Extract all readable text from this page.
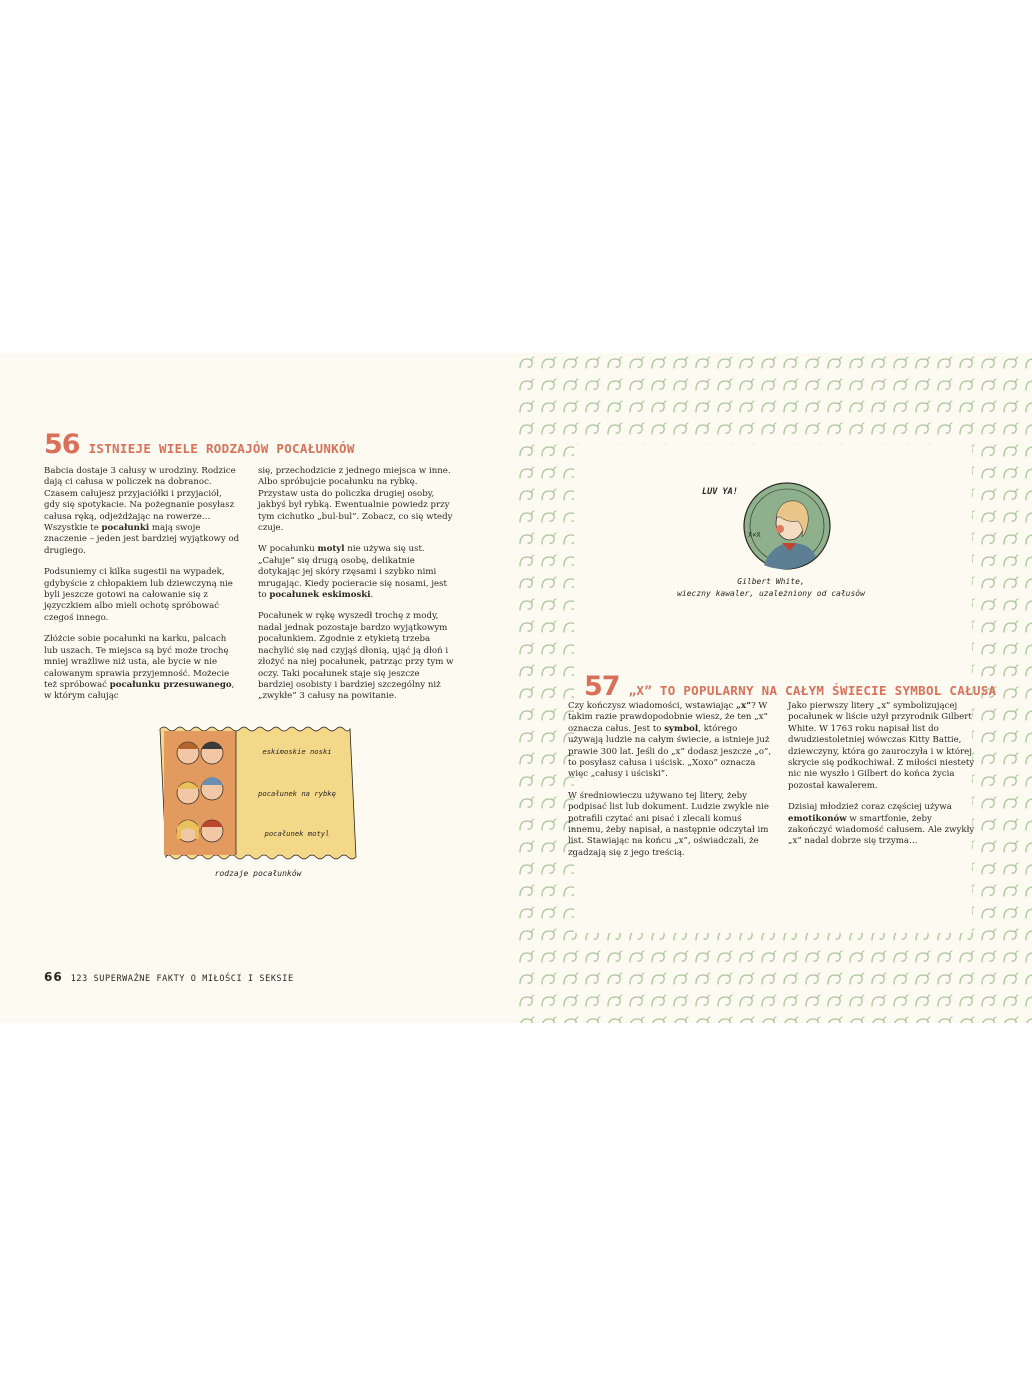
56 ISTNIEJE WIELE RODZAJÓW POCAŁUNKÓW

Babcia dostaje 3 całusy w urodziny. Rodzice dają ci całusa w policzek na dobranoc. Czasem całujesz przyjaciółki i przyjaciół, gdy się spotykacie. Na pożegnanie posyłasz całusa ręką, odjeżdżając na rowerze… Wszystkie te pocałunki mają swoje znaczenie – jeden jest bardziej wyjątkowy od drugiego.

Podsuniemy ci kilka sugestii na wypadek, gdybyście z chłopakiem lub dziewczyną nie byli jeszcze gotowi na całowanie się z języczkiem albo mieli ochotę spróbować czegoś innego.

Złóżcie sobie pocałunki na karku, palcach lub uszach. Te miejsca są być może trochę mniej wrażliwe niż usta, ale bycie w nie całowanym sprawia przyjemność. Możecie też spróbować pocałunku przesuwanego, w którym całując

się, przechodzicie z jednego miejsca w inne. Albo spróbujcie pocałunku na rybkę. Przystaw usta do policzka drugiej osoby, jakbyś był rybką. Ewentualnie powiedz przy tym cichutko „bul-bul”. Zobacz, co się wtedy czuje.

W pocałunku motyl nie używa się ust. „Całuje” się drugą osobę, delikatnie dotykając jej skóry rzęsami i szybko nimi mrugając. Kiedy pocieracie się nosami, jest to pocałunek eskimoski.

Pocałunek w rękę wyszedł trochę z mody, nadal jednak pozostaje bardzo wyjątkowym pocałunkiem. Zgodnie z etykietą trzeba nachylić się nad czyjąś dłonią, ująć ją dłoń i złożyć na niej pocałunek, patrząc przy tym w oczy. Taki pocałunek staje się jeszcze bardziej osobisty i bardziej szczególny niż „zwykłe” 3 całusy na powitanie.

eskimoskie noski
pocałunek na rybkę
pocałunek motyl
rodzaje pocałunków
66 123 SUPERWAŻNE FAKTY O MIŁOŚCI I SEKSIE
LUV YA!
X×X
Gilbert White,
wieczny kawaler, uzależniony od całusów
57 „X” TO POPULARNY NA CAŁYM ŚWIECIE SYMBOL CAŁUSA

Czy kończysz wiadomości, wstawiając „x”? W takim razie prawdopodobnie wiesz, że ten „x” oznacza całus. Jest to symbol, którego używają ludzie na całym świecie, a istnieje już prawie 300 lat. Jeśli do „x” dodasz jeszcze „o”, to posyłasz całusa i uścisk. „Xoxo” oznacza więc „całusy i uściski”.

W średniowieczu używano tej litery, żeby podpisać list lub dokument. Ludzie zwykle nie potrafili czytać ani pisać i zlecali komuś innemu, żeby napisał, a następnie odczytał im list. Stawiając na końcu „x”, oświadczali, że zgadzają się z jego treścią.

Jako pierwszy litery „x” symbolizującej pocałunek w liście użył przyrodnik Gilbert White. W 1763 roku napisał list do dwudziestoletniej wówczas Kitty Battie, dziewczyny, która go zauroczyła i w której skrycie się podkochiwał. Z miłości niestety nic nie wyszło i Gilbert do końca życia pozostał kawalerem.

Dzisiaj młodzież coraz częściej używa emotikonów w smartfonie, żeby zakończyć wiadomość całusem. Ale zwykły „x” nadal dobrze się trzyma…
